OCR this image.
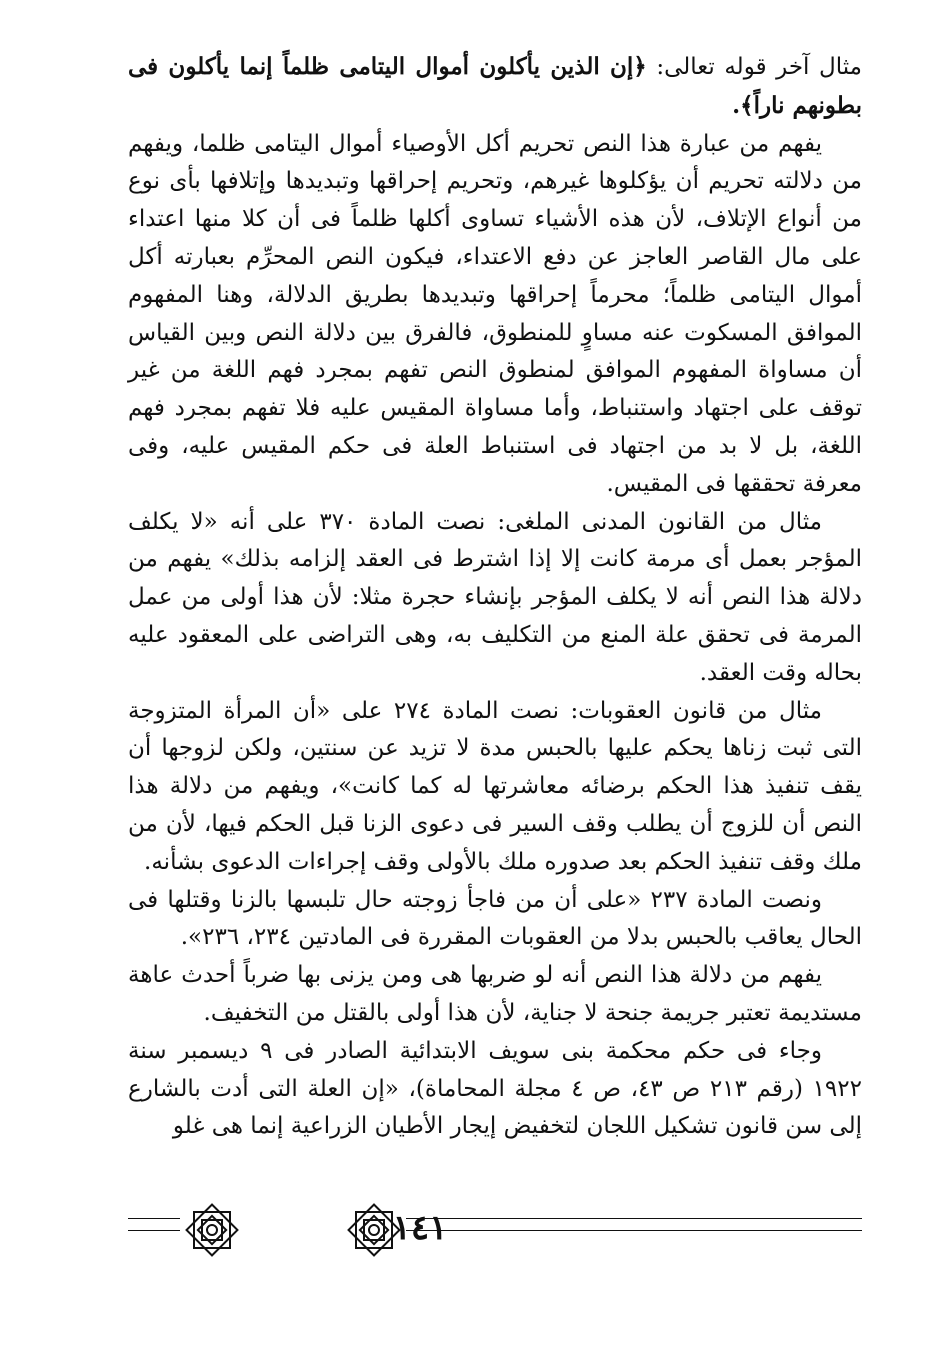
مثال آخر قوله تعالى: ﴿إن الذين يأكلون أموال اليتامى ظلماً إنما يأكلون فى بطونهم ناراً﴾.

يفهم من عبارة هذا النص تحريم أكل الأوصياء أموال اليتامى ظلما، ويفهم من دلالته تحريم أن يؤكلوها غيرهم، وتحريم إحراقها وتبديدها وإتلافها بأى نوع من أنواع الإتلاف، لأن هذه الأشياء تساوى أكلها ظلماً فى أن كلا منها اعتداء على مال القاصر العاجز عن دفع الاعتداء، فيكون النص المحرِّم بعبارته أكل أموال اليتامى ظلماً؛ محرماً إحراقها وتبديدها بطريق الدلالة، وهنا المفهوم الموافق المسكوت عنه مساوٍ للمنطوق، فالفرق بين دلالة النص وبين القياس أن مساواة المفهوم الموافق لمنطوق النص تفهم بمجرد فهم اللغة من غير توقف على اجتهاد واستنباط، وأما مساواة المقيس عليه فلا تفهم بمجرد فهم اللغة، بل لا بد من اجتهاد فى استنباط العلة فى حكم المقيس عليه، وفى معرفة تحققها فى المقيس.

مثال من القانون المدنى الملغى: نصت المادة ٣٧٠ على أنه «لا يكلف المؤجر بعمل أى مرمة كانت إلا إذا اشترط فى العقد إلزامه بذلك» يفهم من دلالة هذا النص أنه لا يكلف المؤجر بإنشاء حجرة مثلا: لأن هذا أولى من عمل المرمة فى تحقق علة المنع من التكليف به، وهى التراضى على المعقود عليه بحاله وقت العقد.

مثال من قانون العقوبات: نصت المادة ٢٧٤ على «أن المرأة المتزوجة التى ثبت زناها يحكم عليها بالحبس مدة لا تزيد عن سنتين، ولكن لزوجها أن يقف تنفيذ هذا الحكم برضائه معاشرتها له كما كانت»، ويفهم من دلالة هذا النص أن للزوج أن يطلب وقف السير فى دعوى الزنا قبل الحكم فيها، لأن من ملك وقف تنفيذ الحكم بعد صدوره ملك بالأولى وقف إجراءات الدعوى بشأنه.

ونصت المادة ٢٣٧ «على أن من فاجأ زوجته حال تلبسها بالزنا وقتلها فى الحال يعاقب بالحبس بدلا من العقوبات المقررة فى المادتين ٢٣٤، ٢٣٦».

يفهم من دلالة هذا النص أنه لو ضربها هى ومن يزنى بها ضرباً أحدث عاهة مستديمة تعتبر جريمة جنحة لا جناية، لأن هذا أولى بالقتل من التخفيف.

وجاء فى حكم محكمة بنى سويف الابتدائية الصادر فى ٩ ديسمبر سنة ١٩٢٢ (رقم ٢١٣ ص ٤٣، ص ٤ مجلة المحاماة)، «إن العلة التى أدت بالشارع إلى سن قانون تشكيل اللجان لتخفيض إيجار الأطيان الزراعية إنما هى غلو

١٤١
